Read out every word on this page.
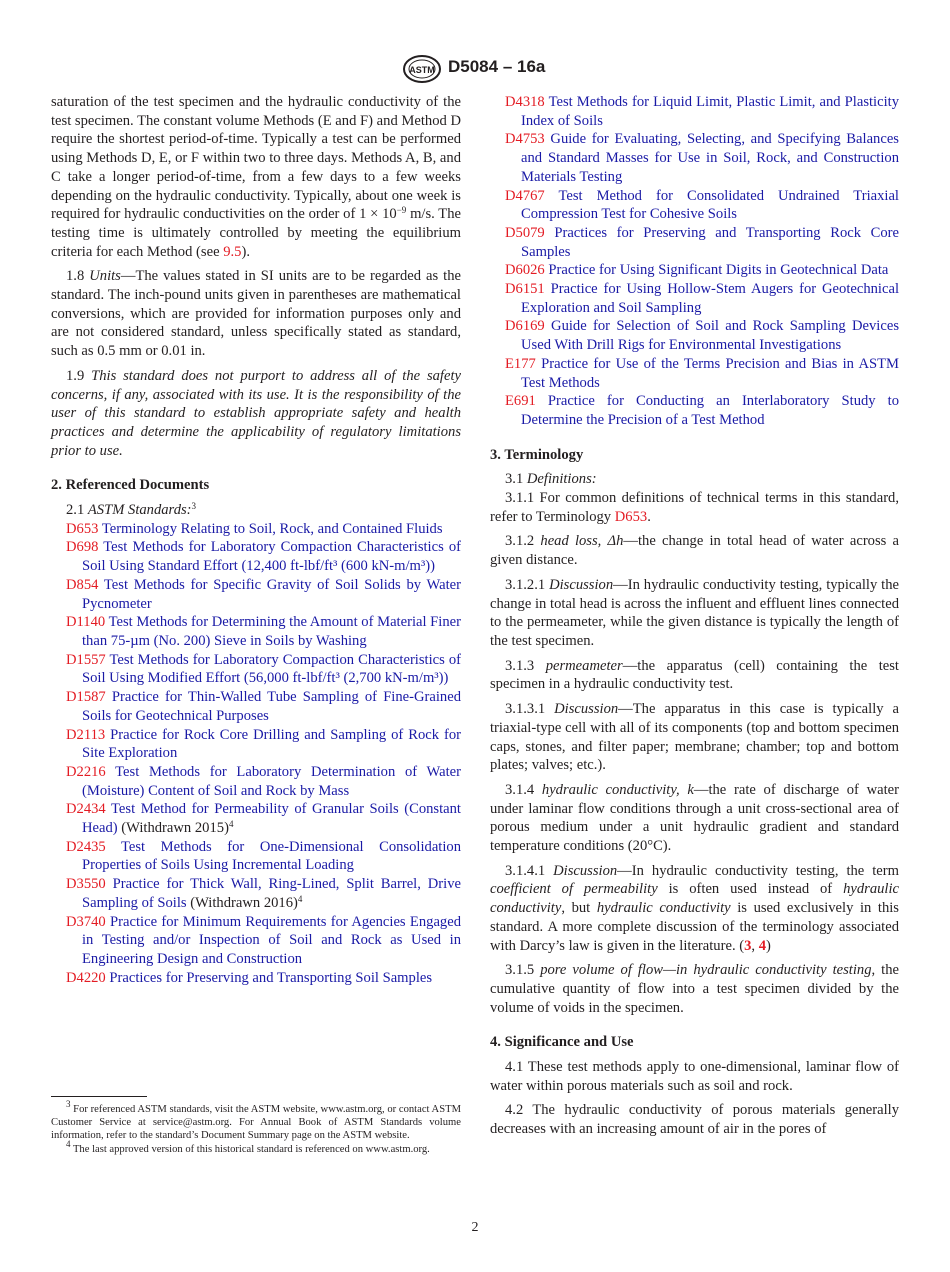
ASTM D5084 – 16a

saturation of the test specimen and the hydraulic conductivity of the test specimen. The constant volume Methods (E and F) and Method D require the shortest period-of-time. Typically a test can be performed using Methods D, E, or F within two to three days. Methods A, B, and C take a longer period-of-time, from a few days to a few weeks depending on the hydraulic conductivity. Typically, about one week is required for hydraulic conductivities on the order of $1 \times 10^{-9}$ m/s. The testing time is ultimately controlled by meeting the equilibrium criteria for each Method (see 9.5).

1.8 Units—The values stated in SI units are to be regarded as the standard. The inch-pound units given in parentheses are mathematical conversions, which are provided for information purposes only and are not considered standard, unless specifically stated as standard, such as 0.5 mm or 0.01 in.

1.9 This standard does not purport to address all of the safety concerns, if any, associated with its use. It is the responsibility of the user of this standard to establish appropriate safety and health practices and determine the applicability of regulatory limitations prior to use.

2. Referenced Documents

2.1 ASTM Standards:$^3$

D653 Terminology Relating to Soil, Rock, and Contained Fluids

D698 Test Methods for Laboratory Compaction Characteristics of Soil Using Standard Effort (12,400 ft-lbf/ft³ (600 kN-m/m³))

D854 Test Methods for Specific Gravity of Soil Solids by Water Pycnometer

D1140 Test Methods for Determining the Amount of Material Finer than 75-µm (No. 200) Sieve in Soils by Washing

D1557 Test Methods for Laboratory Compaction Characteristics of Soil Using Modified Effort (56,000 ft-lbf/ft³ (2,700 kN-m/m³))

D1587 Practice for Thin-Walled Tube Sampling of Fine-Grained Soils for Geotechnical Purposes

D2113 Practice for Rock Core Drilling and Sampling of Rock for Site Exploration

D2216 Test Methods for Laboratory Determination of Water (Moisture) Content of Soil and Rock by Mass

D2434 Test Method for Permeability of Granular Soils (Constant Head) (Withdrawn 2015)$^4$

D2435 Test Methods for One-Dimensional Consolidation Properties of Soils Using Incremental Loading

D3550 Practice for Thick Wall, Ring-Lined, Split Barrel, Drive Sampling of Soils (Withdrawn 2016)$^4$

D3740 Practice for Minimum Requirements for Agencies Engaged in Testing and/or Inspection of Soil and Rock as Used in Engineering Design and Construction

D4220 Practices for Preserving and Transporting Soil Samples

$^3$ For referenced ASTM standards, visit the ASTM website, www.astm.org, or contact ASTM Customer Service at service@astm.org. For Annual Book of ASTM Standards volume information, refer to the standard’s Document Summary page on the ASTM website.

$^4$ The last approved version of this historical standard is referenced on www.astm.org.

D4318 Test Methods for Liquid Limit, Plastic Limit, and Plasticity Index of Soils

D4753 Guide for Evaluating, Selecting, and Specifying Balances and Standard Masses for Use in Soil, Rock, and Construction Materials Testing

D4767 Test Method for Consolidated Undrained Triaxial Compression Test for Cohesive Soils

D5079 Practices for Preserving and Transporting Rock Core Samples

D6026 Practice for Using Significant Digits in Geotechnical Data

D6151 Practice for Using Hollow-Stem Augers for Geotechnical Exploration and Soil Sampling

D6169 Guide for Selection of Soil and Rock Sampling Devices Used With Drill Rigs for Environmental Investigations

E177 Practice for Use of the Terms Precision and Bias in ASTM Test Methods

E691 Practice for Conducting an Interlaboratory Study to Determine the Precision of a Test Method

3. Terminology

3.1 Definitions:

3.1.1 For common definitions of technical terms in this standard, refer to Terminology D653.

3.1.2 head loss, Δh—the change in total head of water across a given distance.

3.1.2.1 Discussion—In hydraulic conductivity testing, typically the change in total head is across the influent and effluent lines connected to the permeameter, while the given distance is typically the length of the test specimen.

3.1.3 permeameter—the apparatus (cell) containing the test specimen in a hydraulic conductivity test.

3.1.3.1 Discussion—The apparatus in this case is typically a triaxial-type cell with all of its components (top and bottom specimen caps, stones, and filter paper; membrane; chamber; top and bottom plates; valves; etc.).

3.1.4 hydraulic conductivity, k—the rate of discharge of water under laminar flow conditions through a unit cross-sectional area of porous medium under a unit hydraulic gradient and standard temperature conditions (20°C).

3.1.4.1 Discussion—In hydraulic conductivity testing, the term coefficient of permeability is often used instead of hydraulic conductivity, but hydraulic conductivity is used exclusively in this standard. A more complete discussion of the terminology associated with Darcy’s law is given in the literature. (3, 4)

3.1.5 pore volume of flow—in hydraulic conductivity testing, the cumulative quantity of flow into a test specimen divided by the volume of voids in the specimen.

4. Significance and Use

4.1 These test methods apply to one-dimensional, laminar flow of water within porous materials such as soil and rock.

4.2 The hydraulic conductivity of porous materials generally decreases with an increasing amount of air in the pores of

2
